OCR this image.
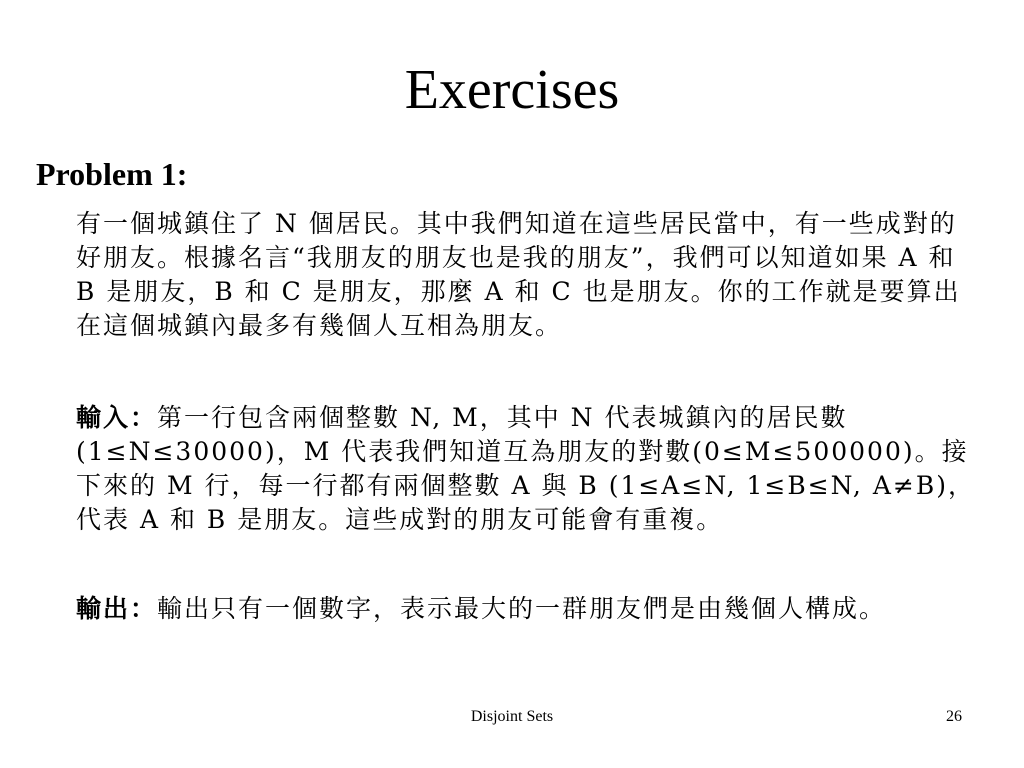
Exercises
Problem 1:
有一個城鎮住了 N 個居民。其中我們知道在這些居民當中，有一些成對的好朋友。根據名言“我朋友的朋友也是我的朋友”，我們可以知道如果 A 和 B 是朋友，B 和 C 是朋友，那麼 A 和 C 也是朋友。你的工作就是要算出在這個城鎮內最多有幾個人互相為朋友。
輸入：第一行包含兩個整數 N, M，其中 N 代表城鎮內的居民數(1≤N≤30000)，M 代表我們知道互為朋友的對數(0≤M≤500000)。接下來的 M 行，每一行都有兩個整數 A 與 B (1≤A≤N, 1≤B≤N, A≠B)，代表 A 和 B 是朋友。這些成對的朋友可能會有重複。
輸出：輸出只有一個數字，表示最大的一群朋友們是由幾個人構成。
Disjoint Sets	26
